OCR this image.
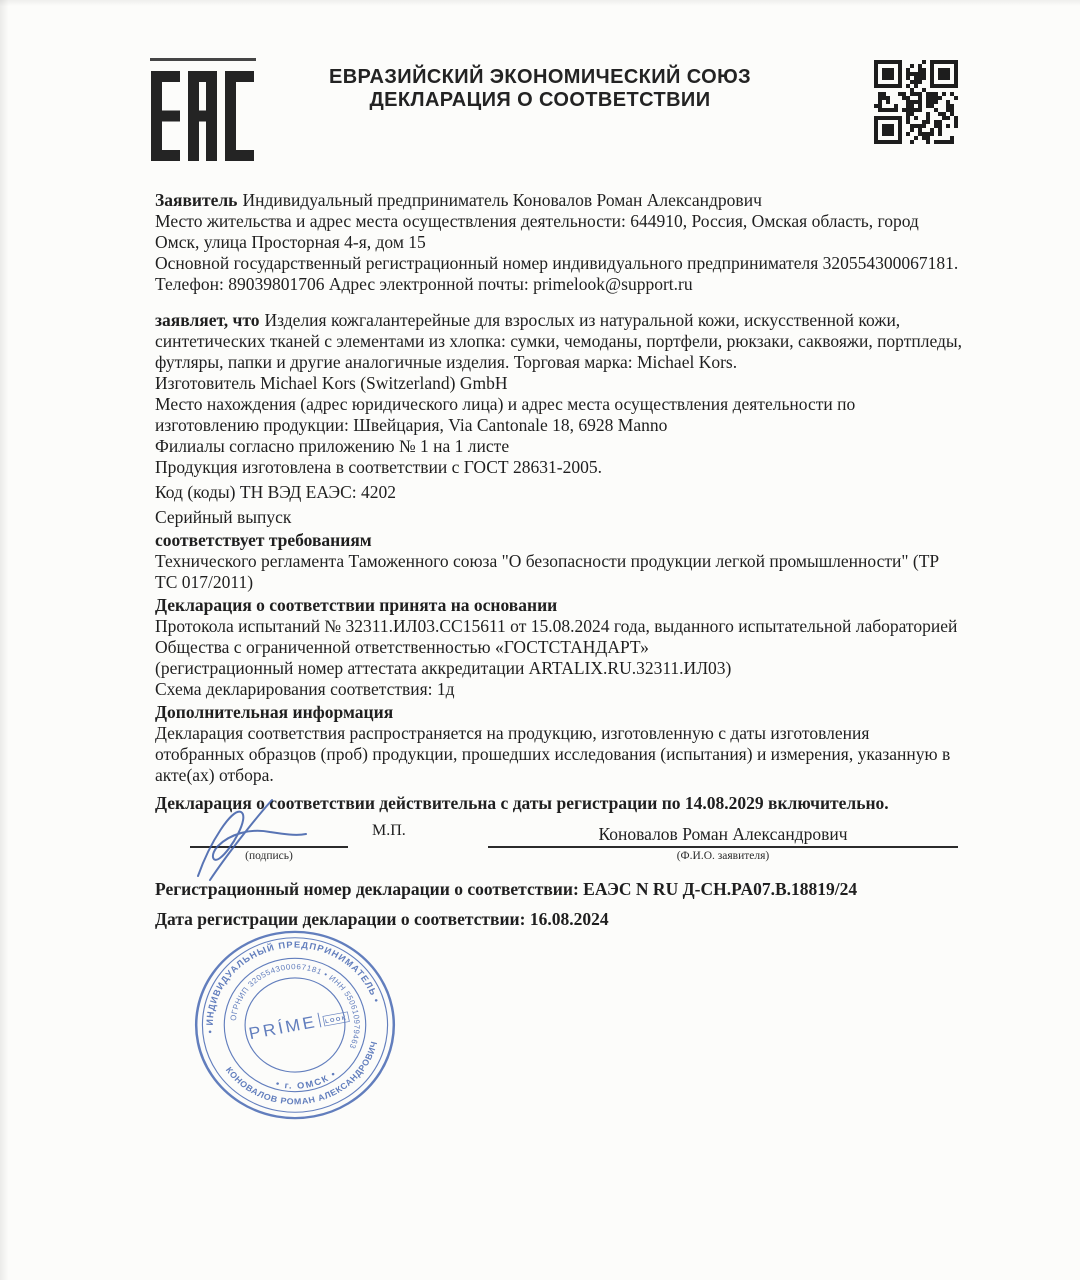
ЕВРАЗИЙСКИЙ ЭКОНОМИЧЕСКИЙ СОЮЗ
ДЕКЛАРАЦИЯ О СООТВЕТСТВИИ

Заявитель Индивидуальный предприниматель Коновалов Роман Александрович
Место жительства и адрес места осуществления деятельности: 644910, Россия, Омская область, город Омск, улица Просторная 4-я, дом 15
Основной государственный регистрационный номер индивидуального предпринимателя 320554300067181.
Телефон: 89039801706 Адрес электронной почты: primelook@support.ru

заявляет, что Изделия кожгалантерейные для взрослых из натуральной кожи, искусственной кожи, синтетических тканей с элементами из хлопка: сумки, чемоданы, портфели, рюкзаки, саквояжи, портпледы, футляры, папки и другие аналогичные изделия. Торговая марка: Michael Kors.
Изготовитель Michael Kors (Switzerland) GmbH
Место нахождения (адрес юридического лица) и адрес места осуществления деятельности по изготовлению продукции: Швейцария, Via Cantonale 18, 6928 Manno
Филиалы согласно приложению № 1 на 1 листе
Продукция изготовлена в соответствии с ГОСТ 28631-2005.
Код (коды) ТН ВЭД ЕАЭС: 4202
Серийный выпуск

соответствует требованиям
Технического регламента Таможенного союза "О безопасности продукции легкой промышленности" (ТР ТС 017/2011)

Декларация о соответствии принята на основании
Протокола испытаний № 32311.ИЛ03.СС15611 от 15.08.2024 года, выданного испытательной лабораторией Общества с ограниченной ответственностью «ГОСТСТАНДАРТ»
(регистрационный номер аттестата аккредитации ARTALIX.RU.32311.ИЛ03)
Схема декларирования соответствия: 1д

Дополнительная информация
Декларация соответствия распространяется на продукцию, изготовленную с даты изготовления отобранных образцов (проб) продукции, прошедших исследования (испытания) и измерения, указанную в акте(ах) отбора.

Декларация о соответствии действительна с даты регистрации по 14.08.2029 включительно.

(подпись)
М.П.	Коновалов Роман Александрович
(Ф.И.О. заявителя)

Регистрационный номер декларации о соответствии: ЕАЭС N RU Д-CH.PA07.B.18819/24

Дата регистрации декларации о соответствии: 16.08.2024

• ИНДИВИДУАЛЬНЫЙ ПРЕДПРИНИМАТЕЛЬ •
КОНОВАЛОВ РОМАН АЛЕКСАНДРОВИЧ
ОГРНИП 320554300067181 • ИНН 550610979463
• г. ОМСК •
PRÍME LOOK
